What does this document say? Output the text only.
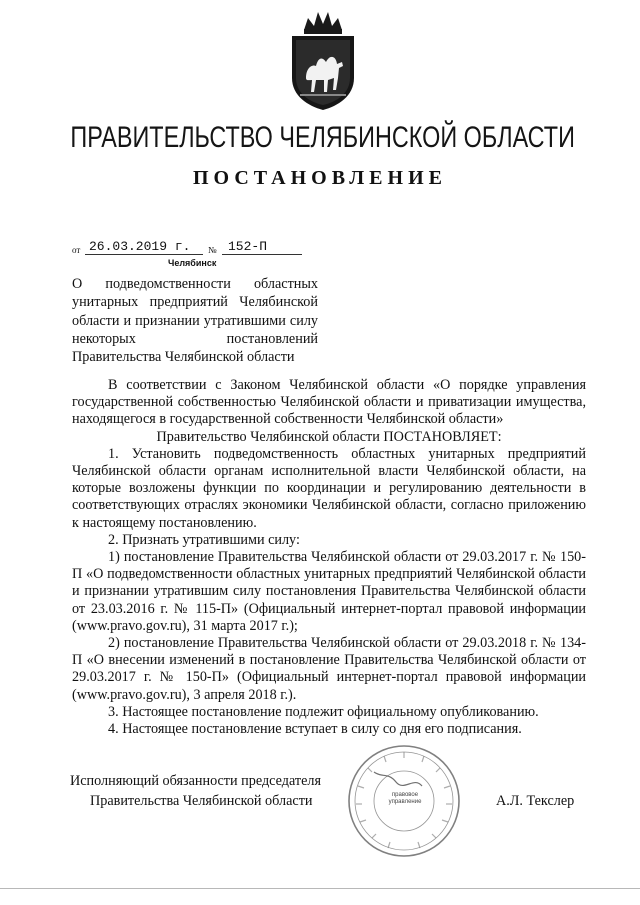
ПРАВИТЕЛЬСТВО ЧЕЛЯБИНСКОЙ ОБЛАСТИ
ПОСТАНОВЛЕНИЕ
от 26.03.2019 г. № 152-П
Челябинск
О подведомственности областных унитарных предприятий Челябинской области и признании утратившими силу некоторых постановлений Правительства Челябинской области

В соответствии с Законом Челябинской области «О порядке управления государственной собственностью Челябинской области и приватизации имущества, находящегося в государственной собственности Челябинской области»

Правительство Челябинской области ПОСТАНОВЛЯЕТ:

1. Установить подведомственность областных унитарных предприятий Челябинской области органам исполнительной власти Челябинской области, на которые возложены функции по координации и регулированию деятельности в соответствующих отраслях экономики Челябинской области, согласно приложению к настоящему постановлению.

2. Признать утратившими силу:

1) постановление Правительства Челябинской области от 29.03.2017 г. № 150-П «О подведомственности областных унитарных предприятий Челябинской области и признании утратившим силу постановления Правительства Челябинской области от 23.03.2016 г. № 115-П» (Официальный интернет-портал правовой информации (www.pravo.gov.ru), 31 марта 2017 г.);

2) постановление Правительства Челябинской области от 29.03.2018 г. № 134-П «О внесении изменений в постановление Правительства Челябинской области от 29.03.2017 г. № 150-П» (Официальный интернет-портал правовой информации (www.pravo.gov.ru), 3 апреля 2018 г.).

3. Настоящее постановление подлежит официальному опубликованию.

4. Настоящее постановление вступает в силу со дня его подписания.

Исполняющий обязанности председателя
Правительства Челябинской области	А.Л. Текслер
правовое
управление
